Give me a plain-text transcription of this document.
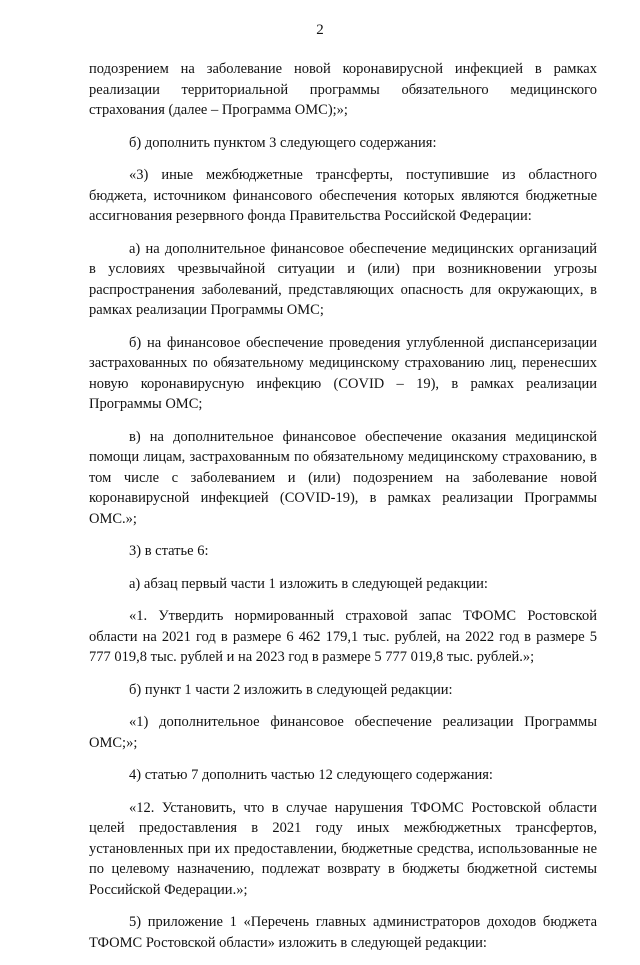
2

подозрением на заболевание новой коронавирусной инфекцией в рамках реализации территориальной программы обязательного медицинского страхования (далее – Программа ОМС);»;

б) дополнить пунктом 3 следующего содержания:

«3) иные межбюджетные трансферты, поступившие из областного бюджета, источником финансового обеспечения которых являются бюджетные ассигнования резервного фонда Правительства Российской Федерации:

а) на дополнительное финансовое обеспечение медицинских организаций в условиях чрезвычайной ситуации и (или) при возникновении угрозы распространения заболеваний, представляющих опасность для окружающих, в рамках реализации Программы ОМС;

б) на финансовое обеспечение проведения углубленной диспансеризации застрахованных по обязательному медицинскому страхованию лиц, перенесших новую коронавирусную инфекцию (COVID – 19), в рамках реализации Программы ОМС;

в) на дополнительное финансовое обеспечение оказания медицинской помощи лицам, застрахованным по обязательному медицинскому страхованию, в том числе с заболеванием и (или) подозрением на заболевание новой коронавирусной инфекцией (COVID-19), в рамках реализации Программы ОМС.»;

3) в статье 6:

а) абзац первый части 1 изложить в следующей редакции:

«1. Утвердить нормированный страховой запас ТФОМС Ростовской области на 2021 год в размере 6 462 179,1 тыс. рублей, на 2022 год в размере 5 777 019,8 тыс. рублей и на 2023 год в размере 5 777 019,8 тыс. рублей.»;

б) пункт 1 части 2 изложить в следующей редакции:

«1) дополнительное финансовое обеспечение реализации Программы ОМС;»;

4) статью 7 дополнить частью 12 следующего содержания:

«12. Установить, что в случае нарушения ТФОМС Ростовской области целей предоставления в 2021 году иных межбюджетных трансфертов, установленных при их предоставлении, бюджетные средства, использованные не по целевому назначению, подлежат возврату в бюджеты бюджетной системы Российской Федерации.»;

5) приложение 1 «Перечень главных администраторов доходов бюджета ТФОМС Ростовской области» изложить в следующей редакции:
